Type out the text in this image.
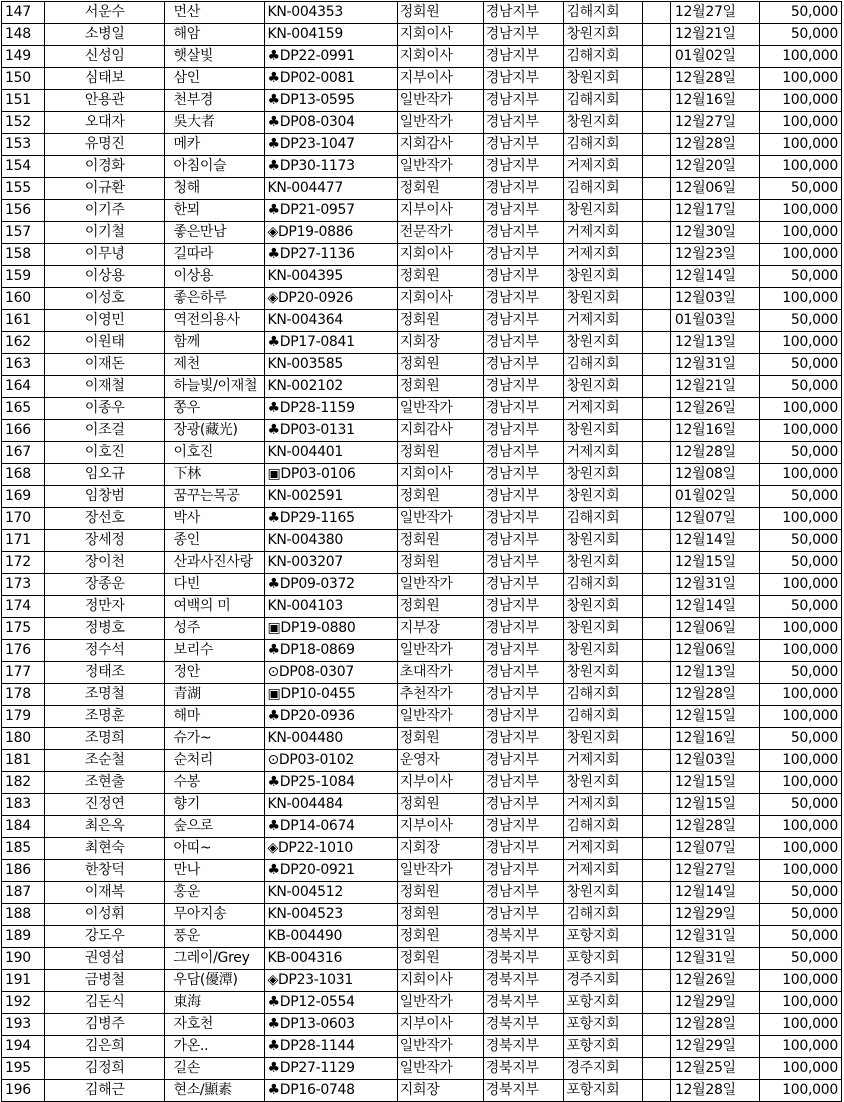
147	서운수	먼산	KN-004353	정회원	경남지부	김해지회		12월27일	50,000
148	소병일	해암	KN-004159	지회이사	경남지부	창원지회		12월21일	50,000
149	신성임	햇살빛	♣DP22-0991	지회이사	경남지부	김해지회		01월02일	100,000
150	심태보	삼인	♣DP02-0081	지부이사	경남지부	창원지회		12월28일	100,000
151	안용관	천부경	♣DP13-0595	일반작가	경남지부	김해지회		12월16일	100,000
152	오대자	吳大者	♣DP08-0304	일반작가	경남지부	창원지회		12월27일	100,000
153	유명진	메카	♣DP23-1047	지회감사	경남지부	김해지회		12월28일	100,000
154	이경화	아침이슬	♣DP30-1173	일반작가	경남지부	거제지회		12월20일	100,000
155	이규환	청해	KN-004477	정회원	경남지부	김해지회		12월06일	50,000
156	이기주	한뫼	♣DP21-0957	지부이사	경남지부	창원지회		12월17일	100,000
157	이기철	좋은만남	◈DP19-0886	전문작가	경남지부	거제지회		12월30일	100,000
158	이무녕	길따라	♣DP27-1136	지회이사	경남지부	거제지회		12월23일	100,000
159	이상용	이상용	KN-004395	정회원	경남지부	창원지회		12월14일	50,000
160	이성호	좋은하루	◈DP20-0926	지회이사	경남지부	창원지회		12월03일	100,000
161	이영민	역전의용사	KN-004364	정회원	경남지부	거제지회		01월03일	50,000
162	이원태	함께	♣DP17-0841	지회장	경남지부	창원지회		12월13일	100,000
163	이재돈	제천	KN-003585	정회원	경남지부	김해지회		12월31일	50,000
164	이재철	하늘빛/이재철	KN-002102	정회원	경남지부	창원지회		12월21일	50,000
165	이종우	쫑우	♣DP28-1159	일반작가	경남지부	거제지회		12월26일	100,000
166	이조걸	장광(藏光)	♣DP03-0131	지회감사	경남지부	창원지회		12월16일	100,000
167	이호진	이호진	KN-004401	정회원	경남지부	거제지회		12월28일	50,000
168	임오규	下林	▣DP03-0106	지회이사	경남지부	창원지회		12월08일	100,000
169	임창범	꿈꾸는목공	KN-002591	정회원	경남지부	창원지회		01월02일	50,000
170	장선호	박사	♣DP29-1165	일반작가	경남지부	김해지회		12월07일	100,000
171	장세정	종인	KN-004380	정회원	경남지부	창원지회		12월14일	50,000
172	장이천	산과사진사랑	KN-003207	정회원	경남지부	창원지회		12월15일	50,000
173	장종운	다빈	♣DP09-0372	일반작가	경남지부	김해지회		12월31일	100,000
174	정만자	여백의 미	KN-004103	정회원	경남지부	창원지회		12월14일	50,000
175	정병호	성주	▣DP19-0880	지부장	경남지부	창원지회		12월06일	100,000
176	정수석	보리수	♣DP18-0869	일반작가	경남지부	창원지회		12월06일	100,000
177	정태조	정안	⊙DP08-0307	초대작가	경남지부	창원지회		12월13일	50,000
178	조명철	青湖	▣DP10-0455	추천작가	경남지부	김해지회		12월28일	100,000
179	조명훈	해마	♣DP20-0936	일반작가	경남지부	김해지회		12월15일	100,000
180	조명희	슈가~	KN-004480	정회원	경남지부	창원지회		12월16일	50,000
181	조순철	순처리	⊙DP03-0102	운영자	경남지부	거제지회		12월03일	100,000
182	조현출	수봉	♣DP25-1084	지부이사	경남지부	창원지회		12월15일	100,000
183	진정연	향기	KN-004484	정회원	경남지부	거제지회		12월15일	50,000
184	최은옥	숲으로	♣DP14-0674	지부이사	경남지부	김해지회		12월28일	100,000
185	최현숙	아띠~	◈DP22-1010	지회장	경남지부	거제지회		12월07일	100,000
186	한창덕	만나	♣DP20-0921	일반작가	경남지부	거제지회		12월27일	100,000
187	이재복	홍운	KN-004512	정회원	경남지부	창원지회		12월14일	50,000
188	이성휘	무아지송	KN-004523	정회원	경남지부	김해지회		12월29일	50,000
189	강도우	풍운	KB-004490	정회원	경북지부	포항지회		12월31일	50,000
190	권영섭	그레이/Grey	KB-004316	정회원	경북지부	포항지회		12월31일	50,000
191	금병철	우담(優潭)	◈DP23-1031	지회이사	경북지부	경주지회		12월26일	100,000
192	김돈식	東海	♣DP12-0554	일반작가	경북지부	포항지회		12월29일	100,000
193	김병주	자호천	♣DP13-0603	지부이사	경북지부	포항지회		12월28일	100,000
194	김은희	가온..	♣DP28-1144	일반작가	경북지부	포항지회		12월29일	100,000
195	김정희	길손	♣DP27-1129	일반작가	경북지부	경주지회		12월25일	100,000
196	김해근	현소/顯素	♣DP16-0748	지회장	경북지부	포항지회		12월28일	100,000
